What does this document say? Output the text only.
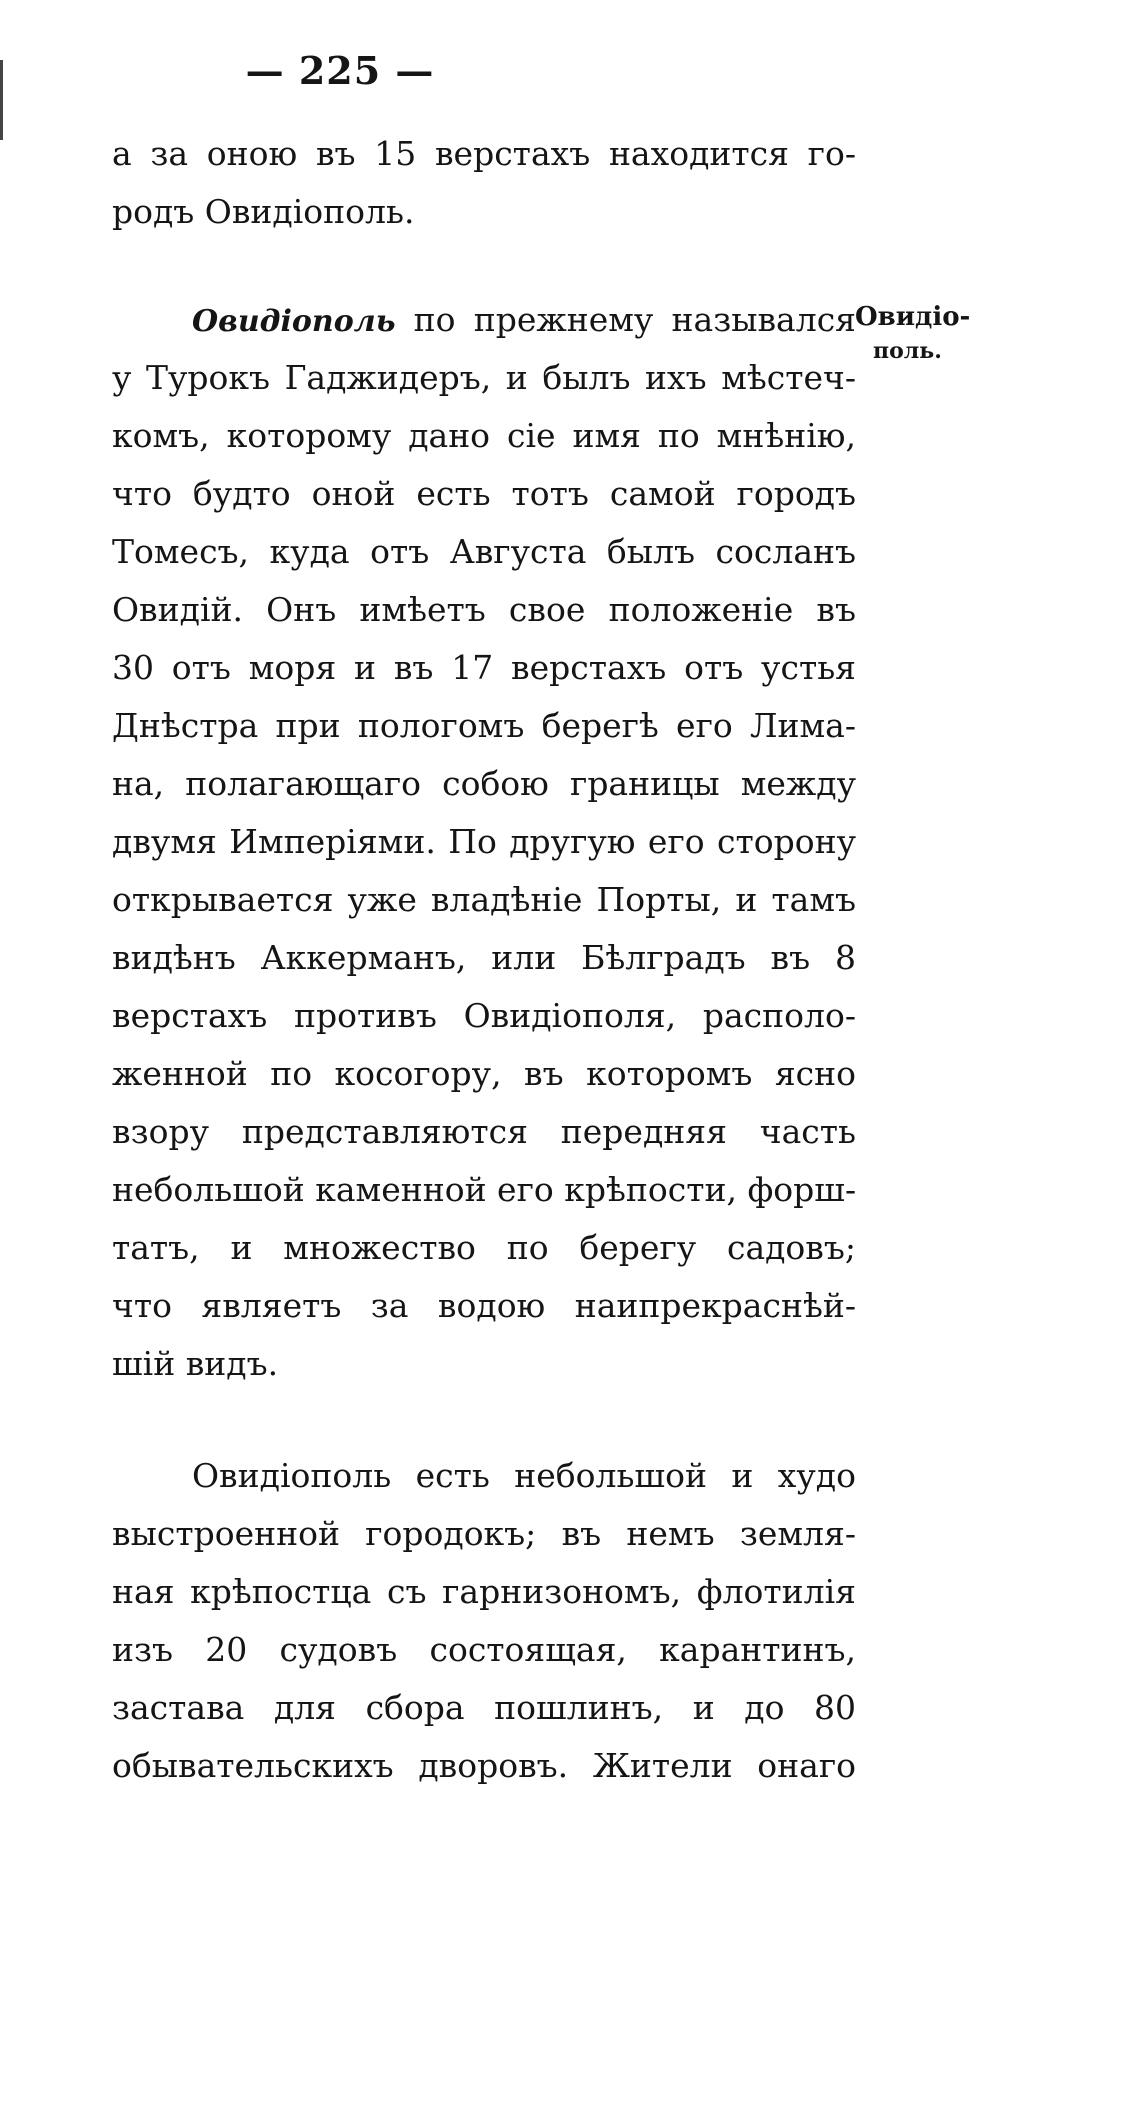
— 225 —
а за оною въ 15 верстахъ находится го-
родъ Овидіополь.
Овидіополь по прежнему назывался Овидіо-
поль.
у Турокъ Гаджидеръ, и былъ ихъ мѣстеч-
комъ, которому дано сіе имя по мнѣнію,
что будто оной есть тотъ самой городъ
Томесъ, куда отъ Августа былъ сосланъ
Овидій. Онъ имѣетъ свое положеніе въ
30 отъ моря и въ 17 верстахъ отъ устья
Днѣстра при пологомъ берегѣ его Лима-
на, полагающаго собою границы между
двумя Имперіями. По другую его сторону
открывается уже владѣніе Порты, и тамъ
видѣнъ Аккерманъ, или Бѣлградъ въ 8
верстахъ противъ Овидіополя, располо-
женной по косогору, въ которомъ ясно
взору представляются передняя часть
небольшой каменной его крѣпости, форш-
татъ, и множество по берегу садовъ;
что являетъ за водою наипрекраснѣй-
шій видъ.
Овидіополь есть небольшой и худо
выстроенной городокъ; въ немъ земля-
ная крѣпостца съ гарнизономъ, флотилія
изъ 20 судовъ состоящая, карантинъ,
застава для сбора пошлинъ, и до 80
обывательскихъ дворовъ. Жители онаго
